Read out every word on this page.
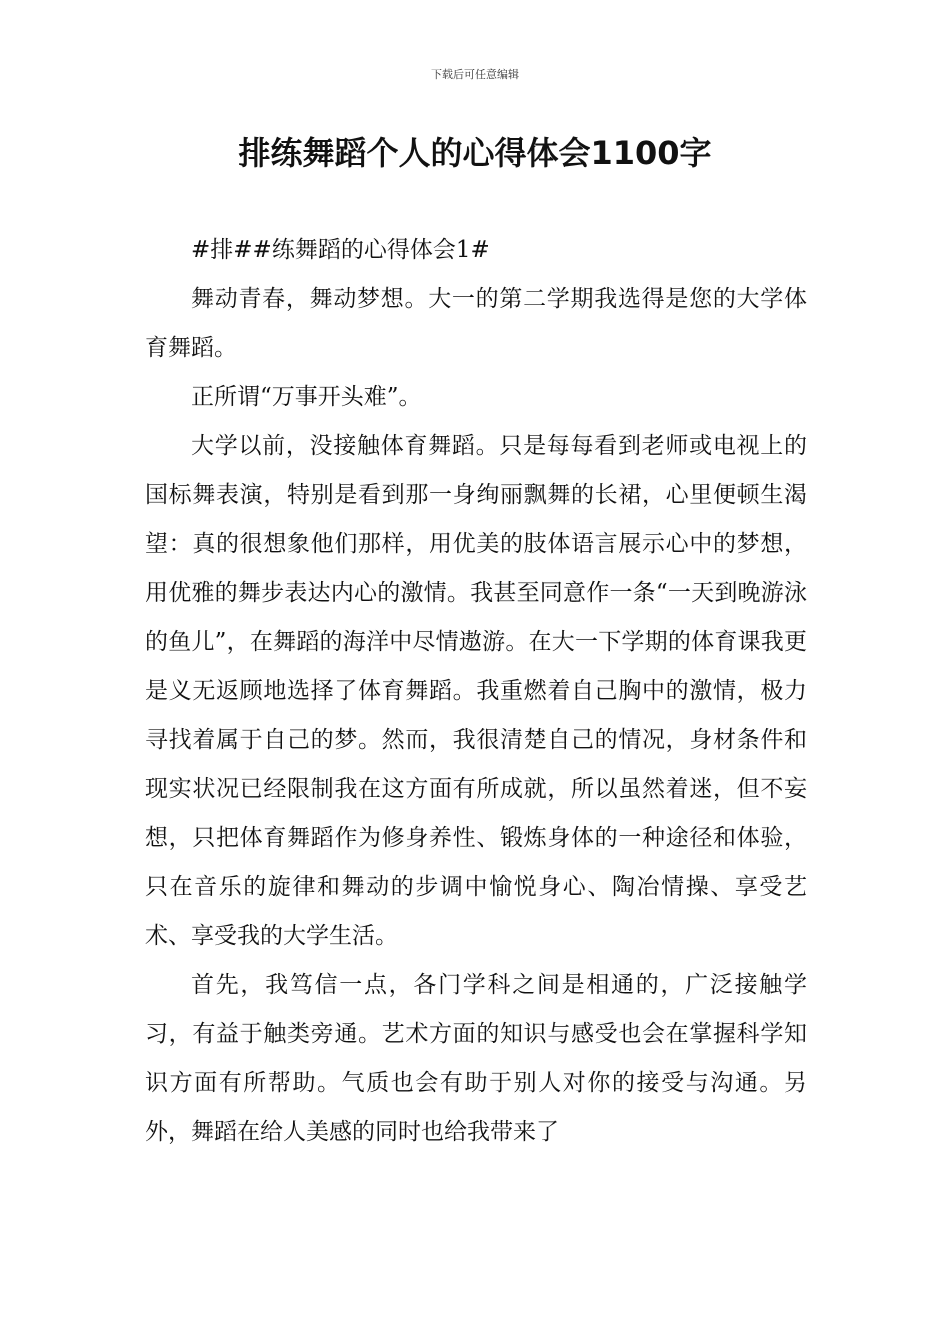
下载后可任意编辑
排练舞蹈个人的心得体会1100字

#排##练舞蹈的心得体会1#

舞动青春，舞动梦想。大一的第二学期我选得是您的大学体育舞蹈。

正所谓“万事开头难”。

大学以前，没接触体育舞蹈。只是每每看到老师或电视上的国标舞表演，特别是看到那一身绚丽飘舞的长裙，心里便顿生渴望：真的很想象他们那样，用优美的肢体语言展示心中的梦想，用优雅的舞步表达内心的激情。我甚至同意作一条“一天到晚游泳的鱼儿”，在舞蹈的海洋中尽情遨游。在大一下学期的体育课我更是义无返顾地选择了体育舞蹈。我重燃着自己胸中的激情，极力寻找着属于自己的梦。然而，我很清楚自己的情况，身材条件和现实状况已经限制我在这方面有所成就，所以虽然着迷，但不妄想，只把体育舞蹈作为修身养性、锻炼身体的一种途径和体验，只在音乐的旋律和舞动的步调中愉悦身心、陶冶情操、享受艺术、享受我的大学生活。

首先，我笃信一点，各门学科之间是相通的，广泛接触学习，有益于触类旁通。艺术方面的知识与感受也会在掌握科学知识方面有所帮助。气质也会有助于别人对你的接受与沟通。另外，舞蹈在给人美感的同时也给我带来了
